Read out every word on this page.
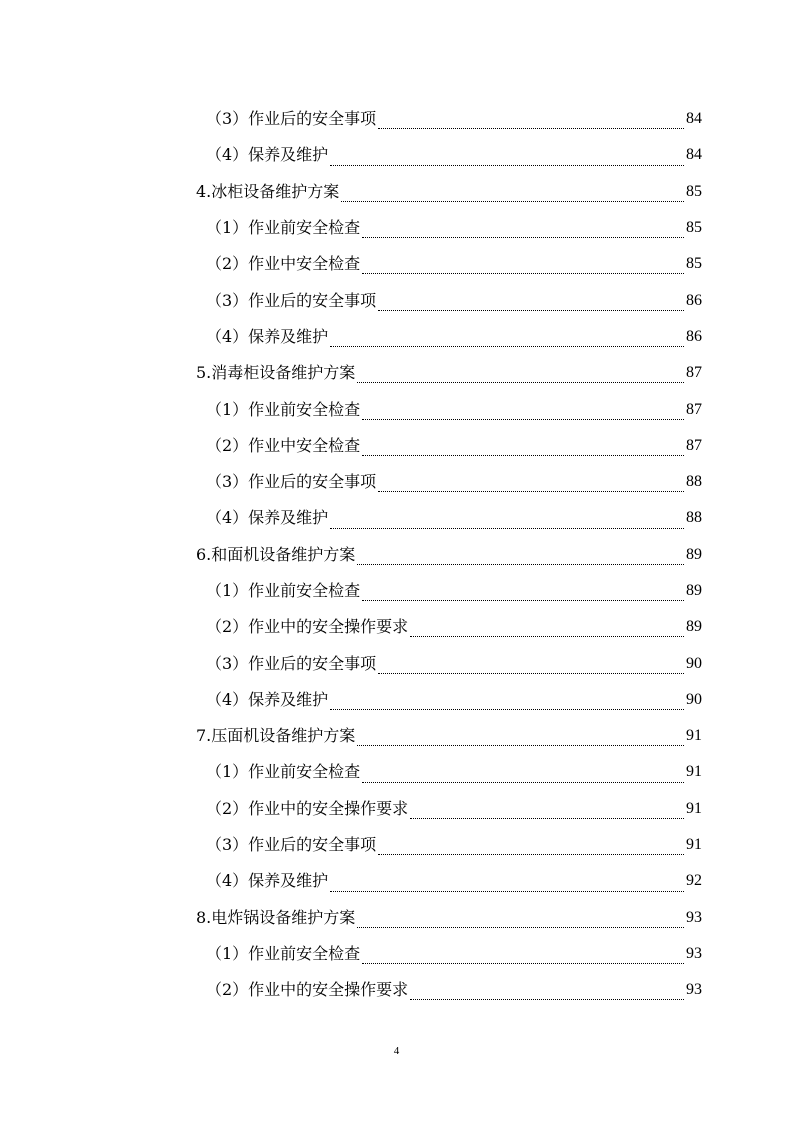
（3）作业后的安全事项	84
（4）保养及维护	84
4.冰柜设备维护方案	85
（1）作业前安全检查	85
（2）作业中安全检查	85
（3）作业后的安全事项	86
（4）保养及维护	86
5.消毒柜设备维护方案	87
（1）作业前安全检查	87
（2）作业中安全检查	87
（3）作业后的安全事项	88
（4）保养及维护	88
6.和面机设备维护方案	89
（1）作业前安全检查	89
（2）作业中的安全操作要求	89
（3）作业后的安全事项	90
（4）保养及维护	90
7.压面机设备维护方案	91
（1）作业前安全检查	91
（2）作业中的安全操作要求	91
（3）作业后的安全事项	91
（4）保养及维护	92
8.电炸锅设备维护方案	93
（1）作业前安全检查	93
（2）作业中的安全操作要求	93
4
